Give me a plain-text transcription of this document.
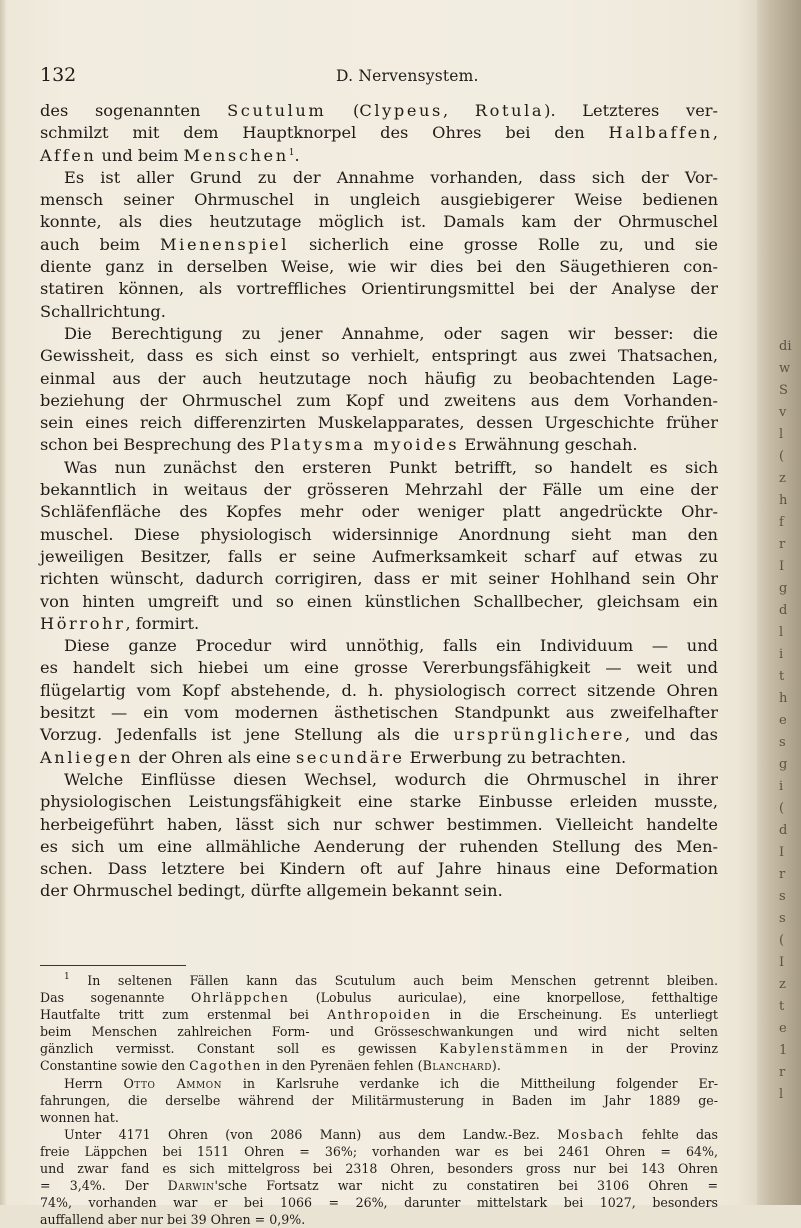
132	D. Nervensystem.
des sogenannten Scutulum (Clypeus, Rotula). Letzteres ver-
schmilzt mit dem Hauptknorpel des Ohres bei den Halbaffen,
Affen und beim Menschen$^1$.
Es ist aller Grund zu der Annahme vorhanden, dass sich der Vor-
mensch seiner Ohrmuschel in ungleich ausgiebigerer Weise bedienen
konnte, als dies heutzutage möglich ist. Damals kam der Ohrmuschel
auch beim Mienenspiel sicherlich eine grosse Rolle zu, und sie
diente ganz in derselben Weise, wie wir dies bei den Säugethieren con-
statiren können, als vortreffliches Orientirungsmittel bei der Analyse der
Schallrichtung.
Die Berechtigung zu jener Annahme, oder sagen wir besser: die
Gewissheit, dass es sich einst so verhielt, entspringt aus zwei Thatsachen,
einmal aus der auch heutzutage noch häufig zu beobachtenden Lage-
beziehung der Ohrmuschel zum Kopf und zweitens aus dem Vorhanden-
sein eines reich differenzirten Muskelapparates, dessen Urgeschichte früher
schon bei Besprechung des Platysma myoides Erwähnung geschah.
Was nun zunächst den ersteren Punkt betrifft, so handelt es sich
bekanntlich in weitaus der grösseren Mehrzahl der Fälle um eine der
Schläfenfläche des Kopfes mehr oder weniger platt angedrückte Ohr-
muschel. Diese physiologisch widersinnige Anordnung sieht man den
jeweiligen Besitzer, falls er seine Aufmerksamkeit scharf auf etwas zu
richten wünscht, dadurch corrigiren, dass er mit seiner Hohlhand sein Ohr
von hinten umgreift und so einen künstlichen Schallbecher, gleichsam ein
Hörrohr, formirt.
Diese ganze Procedur wird unnöthig, falls ein Individuum — und
es handelt sich hiebei um eine grosse Vererbungsfähigkeit — weit und
flügelartig vom Kopf abstehende, d. h. physiologisch correct sitzende Ohren
besitzt — ein vom modernen ästhetischen Standpunkt aus zweifelhafter
Vorzug. Jedenfalls ist jene Stellung als die ursprünglichere, und das
Anliegen der Ohren als eine secundäre Erwerbung zu betrachten.
Welche Einflüsse diesen Wechsel, wodurch die Ohrmuschel in ihrer
physiologischen Leistungsfähigkeit eine starke Einbusse erleiden musste,
herbeigeführt haben, lässt sich nur schwer bestimmen. Vielleicht handelte
es sich um eine allmähliche Aenderung der ruhenden Stellung des Men-
schen. Dass letztere bei Kindern oft auf Jahre hinaus eine Deformation
der Ohrmuschel bedingt, dürfte allgemein bekannt sein.
$^1$ In seltenen Fällen kann das Scutulum auch beim Menschen getrennt bleiben.
Das sogenannte Ohrläppchen (Lobulus auriculae), eine knorpellose, fetthaltige
Hautfalte tritt zum erstenmal bei Anthropoiden in die Erscheinung. Es unterliegt
beim Menschen zahlreichen Form- und Grösseschwankungen und wird nicht selten
gänzlich vermisst. Constant soll es gewissen Kabylenstämmen in der Provinz
Constantine sowie den Cagothen in den Pyrenäen fehlen (Blanchard).
Herrn Otto Ammon in Karlsruhe verdanke ich die Mittheilung folgender Er-
fahrungen, die derselbe während der Militärmusterung in Baden im Jahr 1889 ge-
wonnen hat.
Unter 4171 Ohren (von 2086 Mann) aus dem Landw.-Bez. Mosbach fehlte das
freie Läppchen bei 1511 Ohren = 36%; vorhanden war es bei 2461 Ohren = 64%,
und zwar fand es sich mittelgross bei 2318 Ohren, besonders gross nur bei 143 Ohren
= 3,4%. Der Darwin'sche Fortsatz war nicht zu constatiren bei 3106 Ohren =
74%, vorhanden war er bei 1066 = 26%, darunter mittelstark bei 1027, besonders
auffallend aber nur bei 39 Ohren = 0,9%.
di
w
S
v
l
(
z
h
f
r
I
g
d
l
i
t
h
e
s
g
i
(
d
I
r
s
s
(
I
z
t
e
1
r
l
